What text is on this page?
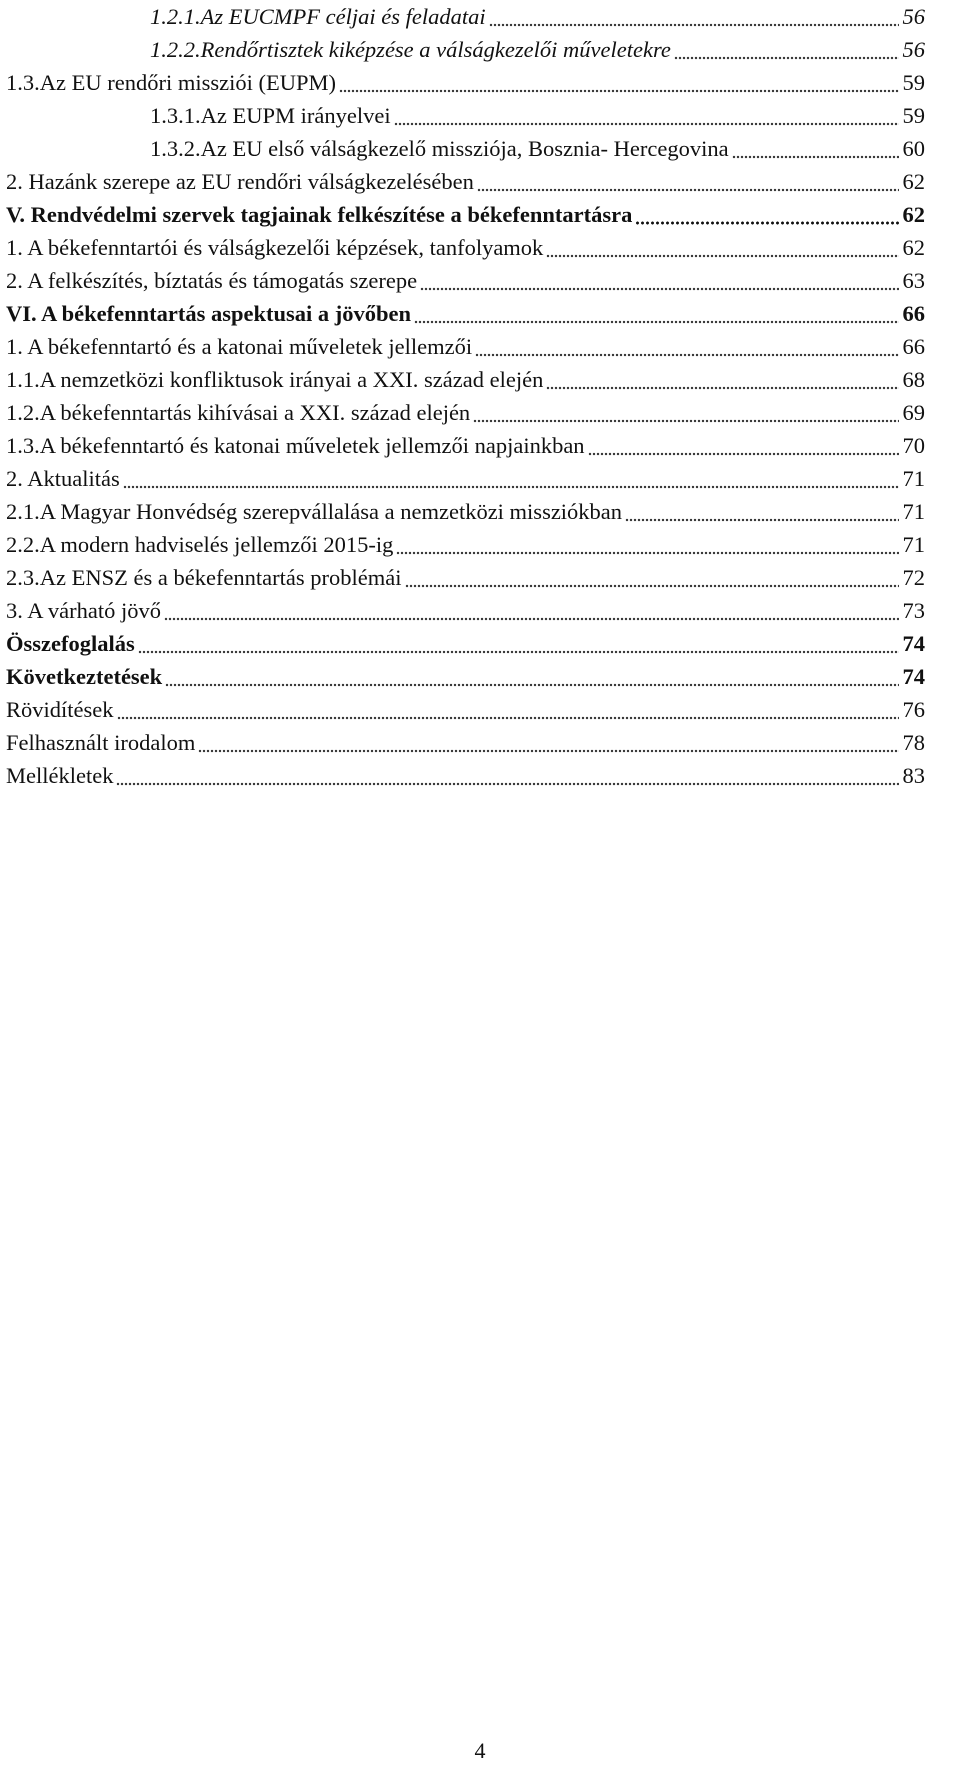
1.2.1.Az EUCMPF céljai és feladatai	56
1.2.2.Rendőrtisztek kiképzése a válságkezelői műveletekre	56
1.3.Az EU rendőri missziói (EUPM)	59
1.3.1.Az EUPM irányelvei	59
1.3.2.Az EU első válságkezelő missziója, Bosznia- Hercegovina	60
2. Hazánk szerepe az EU rendőri válságkezelésében	62
V. Rendvédelmi szervek tagjainak felkészítése a békefenntartásra	62
1. A békefenntartói és válságkezelői képzések, tanfolyamok	62
2. A felkészítés, bíztatás és támogatás szerepe	63
VI. A békefenntartás aspektusai a jövőben	66
1. A békefenntartó és a katonai műveletek jellemzői	66
1.1.A nemzetközi konfliktusok irányai a XXI. század elején	68
1.2.A békefenntartás kihívásai a XXI. század elején	69
1.3.A békefenntartó és katonai műveletek jellemzői napjainkban	70
2. Aktualitás	71
2.1.A Magyar Honvédség szerepvállalása a nemzetközi missziókban	71
2.2.A modern hadviselés jellemzői 2015-ig	71
2.3.Az ENSZ és a békefenntartás problémái	72
3. A várható jövő	73
Összefoglalás	74
Következtetések	74
Rövidítések	76
Felhasznált irodalom	78
Mellékletek	83
4
